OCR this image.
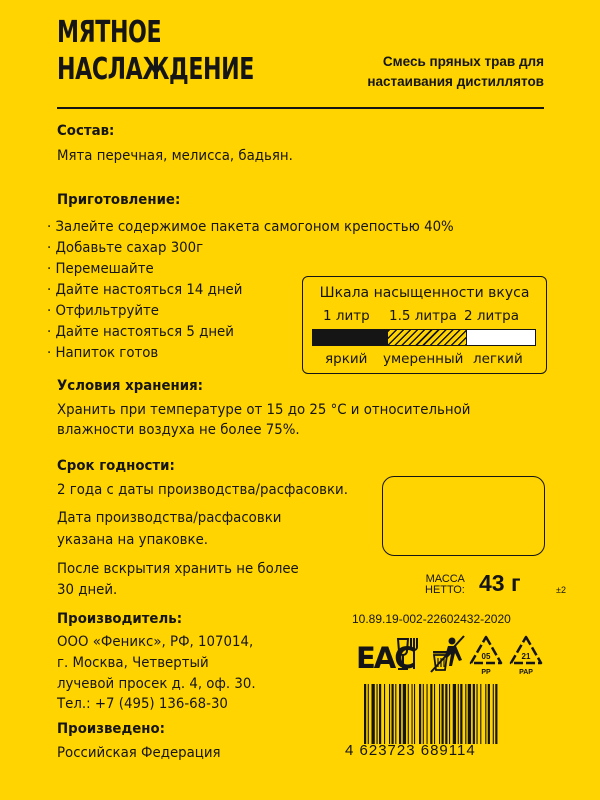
МЯТНОЕ
НАСЛАЖДЕНИЕ	Смесь пряных трав для
настаивания дистиллятов
Состав:
Мята перечная, мелисса, бадьян.
Приготовление:
· Залейте содержимое пакета самогоном крепостью 40%
· Добавьте сахар 300г
· Перемешайте
· Дайте настояться 14 дней
· Отфильтруйте
· Дайте настояться 5 дней
· Напиток готов
Шкала насыщенности вкуса
1 литр 1.5 литра 2 литра
яркий умеренный легкий
Условия хранения:
Хранить при температуре от 15 до 25 °С и относительной
влажности воздуха не более 75%.
Срок годности:
2 года с даты производства/расфасовки.
Дата производства/расфасовки
указана на упаковке.
После вскрытия хранить не более
30 дней.
МАССА
НЕТТО: 43 г	±2
Производитель:
ООО «Феникс», РФ, 107014,
г. Москва, Четвертый
лучевой просек д. 4, оф. 30.
Тел.: +7 (495) 136-68-30
Произведено:
Российская Федерация
10.89.19-002-22602432-2020
ЕАС	05
PP
21
PAP
4 623723 689114
